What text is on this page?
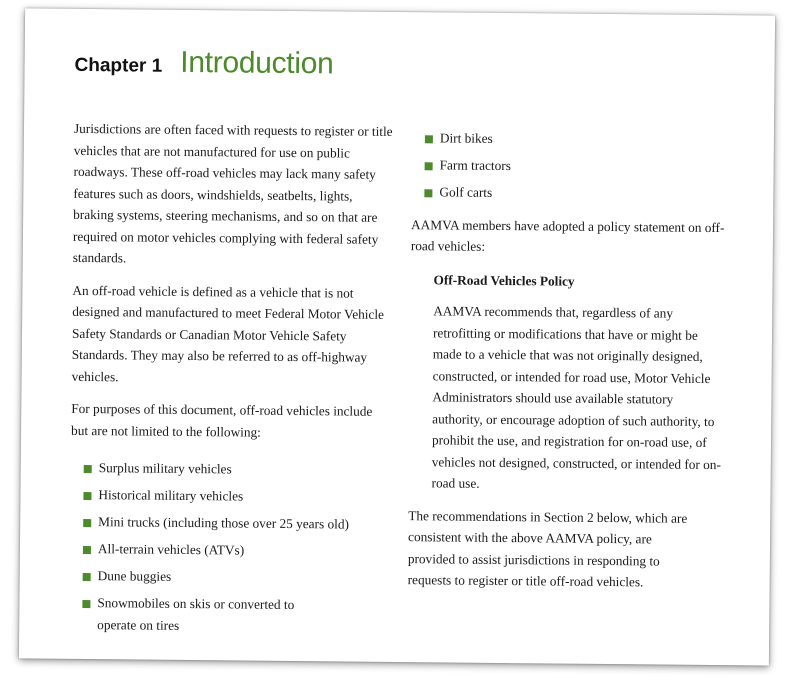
Chapter 1 Introduction

Jurisdictions are often faced with requests to register or title vehicles that are not manufactured for use on public roadways. These off-road vehicles may lack many safety features such as doors, windshields, seatbelts, lights, braking systems, steering mechanisms, and so on that are required on motor vehicles complying with federal safety standards.

An off-road vehicle is defined as a vehicle that is not designed and manufactured to meet Federal Motor Vehicle Safety Standards or Canadian Motor Vehicle Safety Standards. They may also be referred to as off-highway vehicles.

For purposes of this document, off-road vehicles include but are not limited to the following:

Surplus military vehicles
Historical military vehicles
Mini trucks (including those over 25 years old)
All-terrain vehicles (ATVs)
Dune buggies
Snowmobiles on skis or converted to operate on tires
Dirt bikes
Farm tractors
Golf carts

AAMVA members have adopted a policy statement on off-road vehicles:

Off-Road Vehicles Policy

AAMVA recommends that, regardless of any retrofitting or modifications that have or might be made to a vehicle that was not originally designed, constructed, or intended for road use, Motor Vehicle Administrators should use available statutory authority, or encourage adoption of such authority, to prohibit the use, and registration for on-road use, of vehicles not designed, constructed, or intended for on-road use.

The recommendations in Section 2 below, which are consistent with the above AAMVA policy, are provided to assist jurisdictions in responding to requests to register or title off-road vehicles.
